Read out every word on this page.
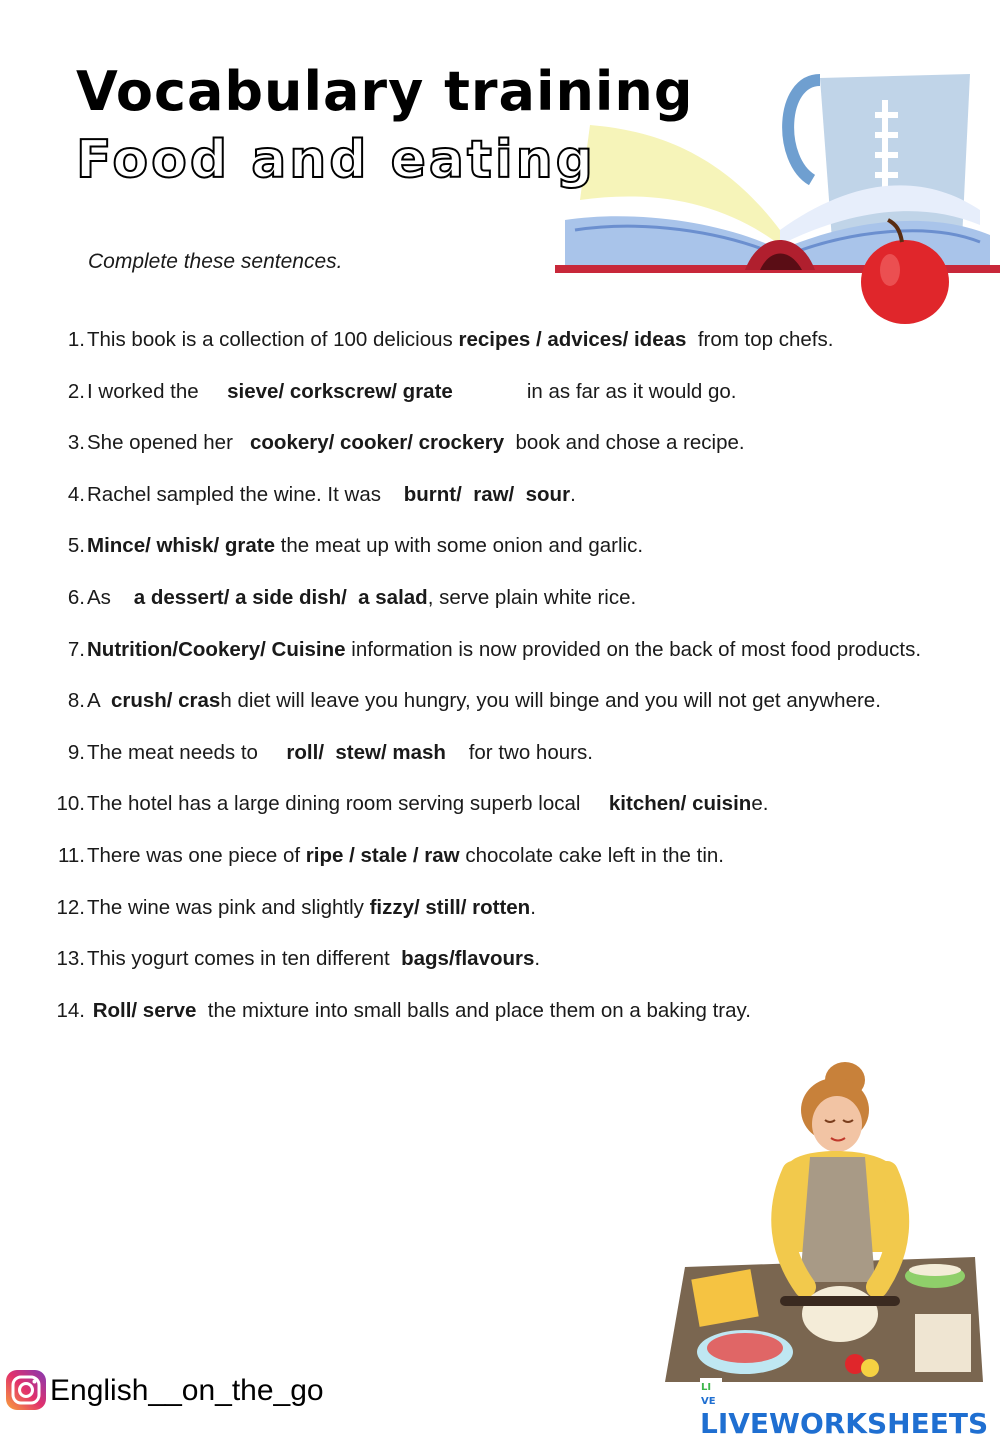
Vocabulary training
Food and eating

Complete these sentences.

1. This book is a collection of 100 delicious recipes / advices/ ideas  from top chefs.
2. I worked the     sieve/ corkscrew/ grate             in as far as it would go.
3. She opened her   cookery/ cooker/ crockery  book and chose a recipe.
4. Rachel sampled the wine. It was    burnt/  raw/  sour.
5. Mince/ whisk/ grate the meat up with some onion and garlic.
6. As    a dessert/ a side dish/  a salad, serve plain white rice.
7. Nutrition/Cookery/ Cuisine information is now provided on the back of most food products.
8. A  crush/ crash diet will leave you hungry, you will binge and you will not get anywhere.
9. The meat needs to     roll/  stew/ mash    for two hours.
10. The hotel has a large dining room serving superb local     kitchen/ cuisine.
11. There was one piece of ripe / stale / raw chocolate cake left in the tin.
12. The wine was pink and slightly fizzy/ still/ rotten.
13. This yogurt comes in ten different  bags/flavours.
14. Roll/ serve  the mixture into small balls and place them on a baking tray.
English__on_the_go	LI
VE
LIVEWORKSHEETS
